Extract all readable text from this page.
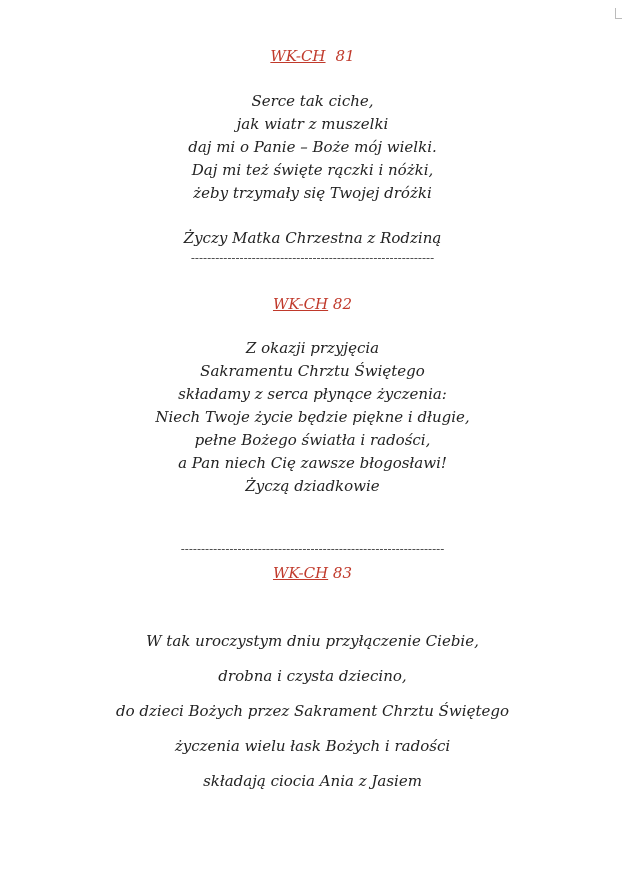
WK-CH 81
Serce tak ciche,
jak wiatr z muszelki
daj mi o Panie – Boże mój wielki.
Daj mi też święte rączki i nóżki,
żeby trzymały się Twojej dróżki
Życzy Matka Chrzestna z Rodziną
------------------------------------------------------------
WK-CH 82
Z okazji przyjęcia
Sakramentu Chrztu Świętego
składamy z serca płynące życzenia:
Niech Twoje życie będzie piękne i długie,
pełne Bożego światła i radości,
a Pan niech Cię zawsze błogosławi!
Życzą dziadkowie
-----------------------------------------------------------------
WK-CH 83
W tak uroczystym dniu przyłączenie Ciebie,
drobna i czysta dziecino,
do dzieci Bożych przez Sakrament Chrztu Świętego
życzenia wielu łask Bożych i radości
składają ciocia Ania z Jasiem
